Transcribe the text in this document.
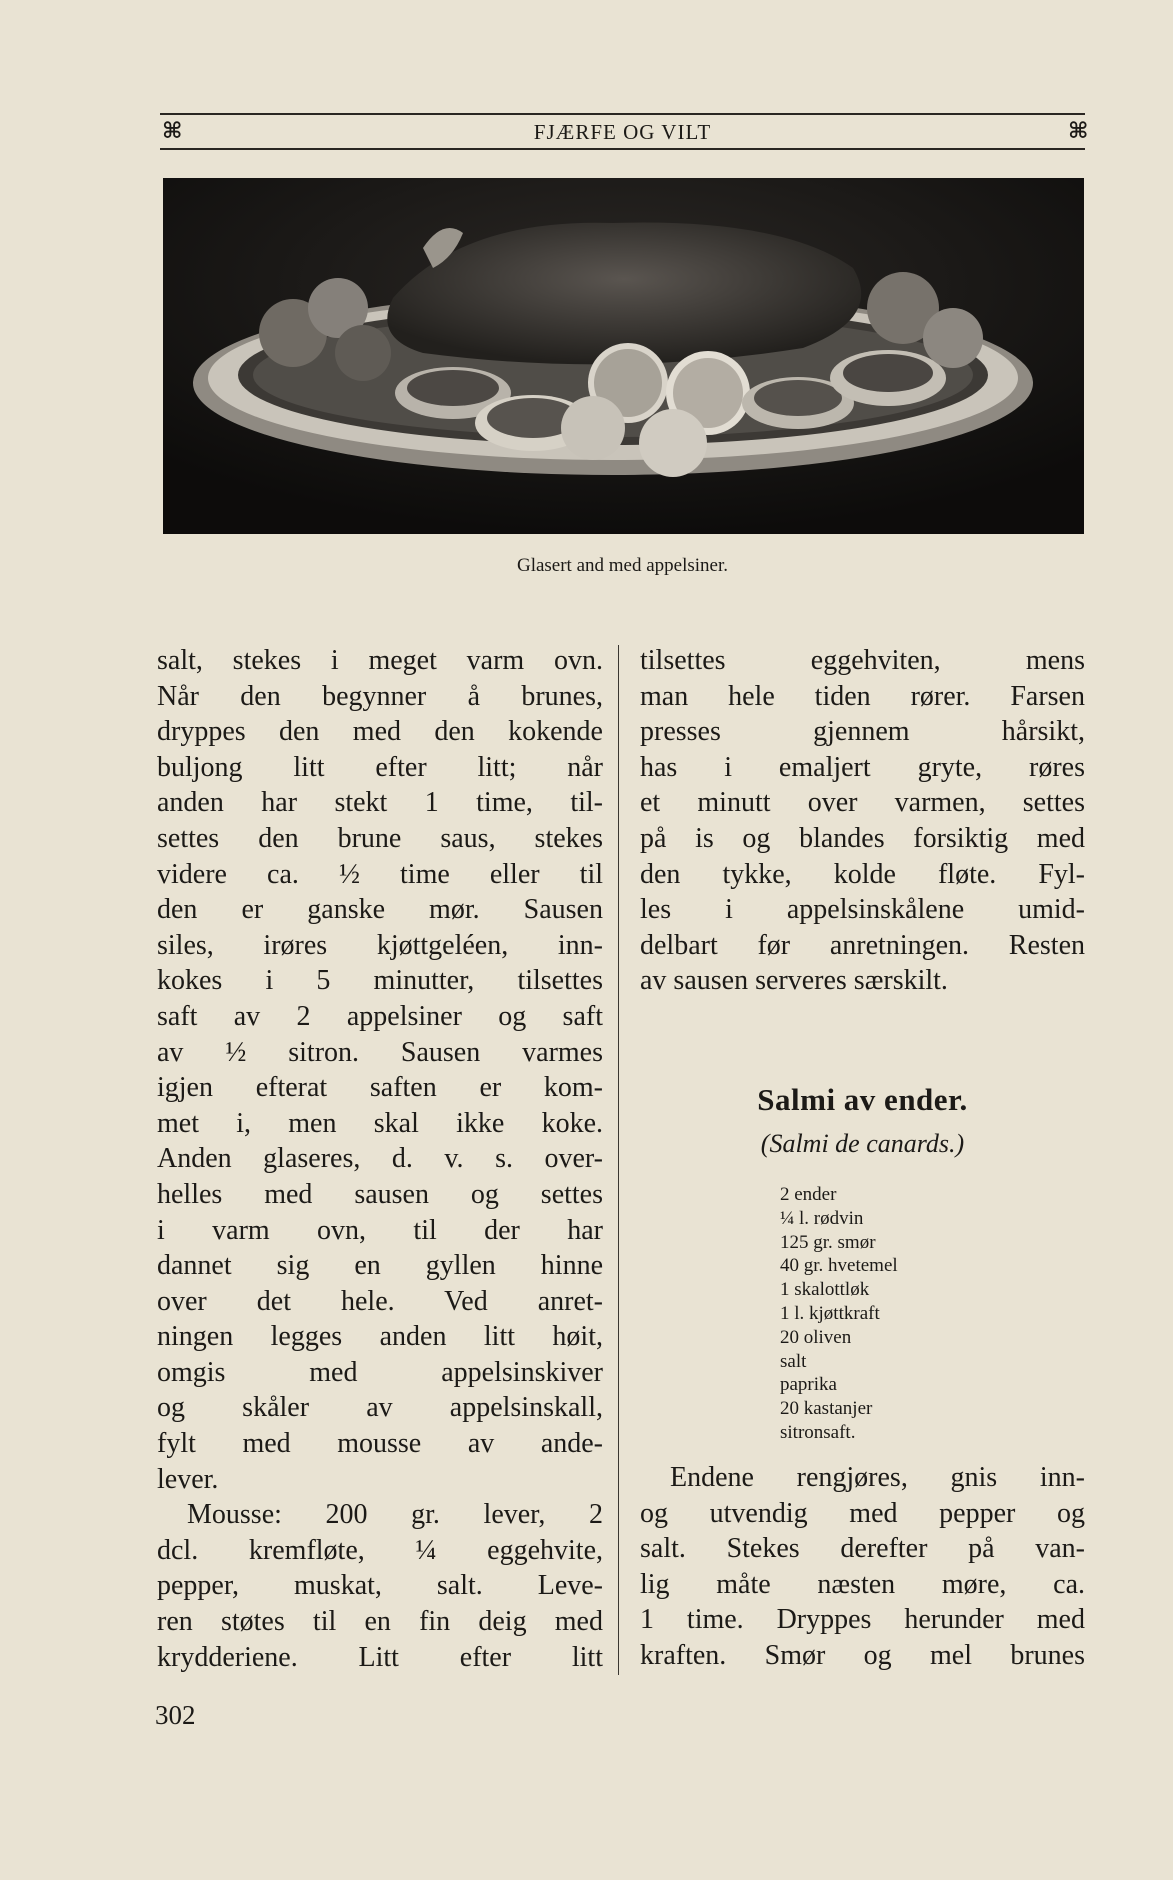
⌘	FJÆRFE OG VILT	⌘
Glasert and med appelsiner.
salt, stekes i meget varm ovn.
Når den begynner å brunes,
dryppes den med den kokende
buljong litt efter litt; når
anden har stekt 1 time, til-
settes den brune saus, stekes
videre ca. ½ time eller til
den er ganske mør. Sausen
siles, irøres kjøttgeléen, inn-
kokes i 5 minutter, tilsettes
saft av 2 appelsiner og saft
av ½ sitron. Sausen varmes
igjen efterat saften er kom-
met i, men skal ikke koke.
Anden glaseres, d. v. s. over-
helles med sausen og settes
i varm ovn, til der har
dannet sig en gyllen hinne
over det hele. Ved anret-
ningen legges anden litt høit,
omgis med appelsinskiver
og skåler av appelsinskall,
fylt med mousse av ande-
lever.
Mousse: 200 gr. lever, 2
dcl. kremfløte, ¼ eggehvite,
pepper, muskat, salt. Leve-
ren støtes til en fin deig med
krydderiene. Litt efter litt
tilsettes eggehviten, mens
man hele tiden rører. Farsen
presses gjennem hårsikt,
has i emaljert gryte, røres
et minutt over varmen, settes
på is og blandes forsiktig med
den tykke, kolde fløte. Fyl-
les i appelsinskålene umid-
delbart før anretningen. Resten
av sausen serveres særskilt.
Salmi av ender.
(Salmi de canards.)
2 ender
¼ l. rødvin
125 gr. smør
40 gr. hvetemel
1 skalottløk
1 l. kjøttkraft
20 oliven
salt
paprika
20 kastanjer
sitronsaft.
Endene rengjøres, gnis inn-
og utvendig med pepper og
salt. Stekes derefter på van-
lig måte næsten møre, ca.
1 time. Dryppes herunder med
kraften. Smør og mel brunes
302
